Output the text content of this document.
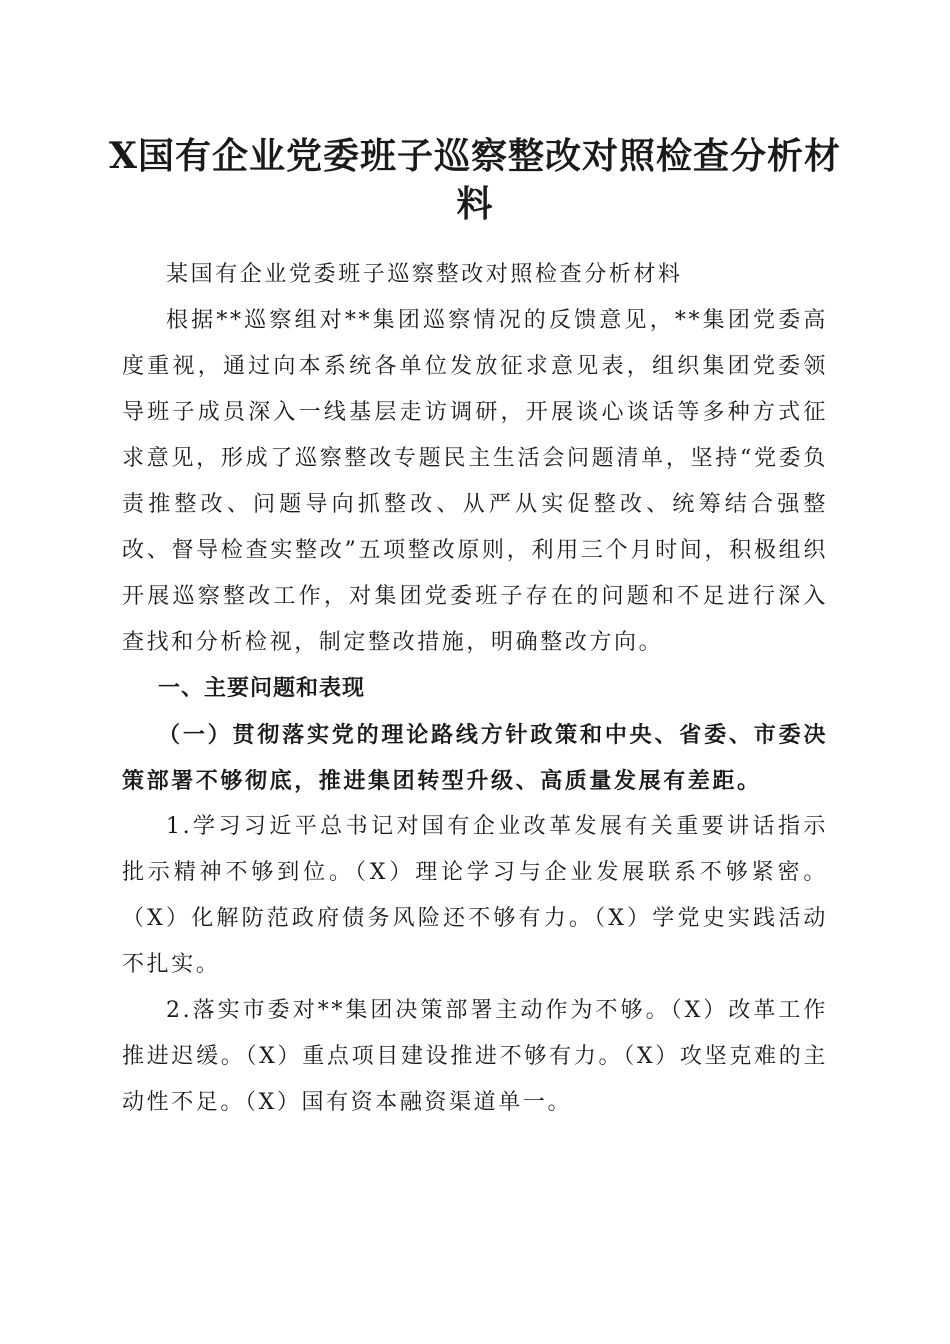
X国有企业党委班子巡察整改对照检查分析材料

某国有企业党委班子巡察整改对照检查分析材料

根据**巡察组对**集团巡察情况的反馈意见，**集团党委高度重视，通过向本系统各单位发放征求意见表，组织集团党委领导班子成员深入一线基层走访调研，开展谈心谈话等多种方式征求意见，形成了巡察整改专题民主生活会问题清单，坚持“党委负责推整改、问题导向抓整改、从严从实促整改、统筹结合强整改、督导检查实整改”五项整改原则，利用三个月时间，积极组织开展巡察整改工作，对集团党委班子存在的问题和不足进行深入查找和分析检视，制定整改措施，明确整改方向。

一、主要问题和表现

（一）贯彻落实党的理论路线方针政策和中央、省委、市委决策部署不够彻底，推进集团转型升级、高质量发展有差距。

1.学习习近平总书记对国有企业改革发展有关重要讲话指示批示精神不够到位。（X）理论学习与企业发展联系不够紧密。（X）化解防范政府债务风险还不够有力。（X）学党史实践活动不扎实。

2.落实市委对**集团决策部署主动作为不够。（X）改革工作推进迟缓。（X）重点项目建设推进不够有力。（X）攻坚克难的主动性不足。（X）国有资本融资渠道单一。
